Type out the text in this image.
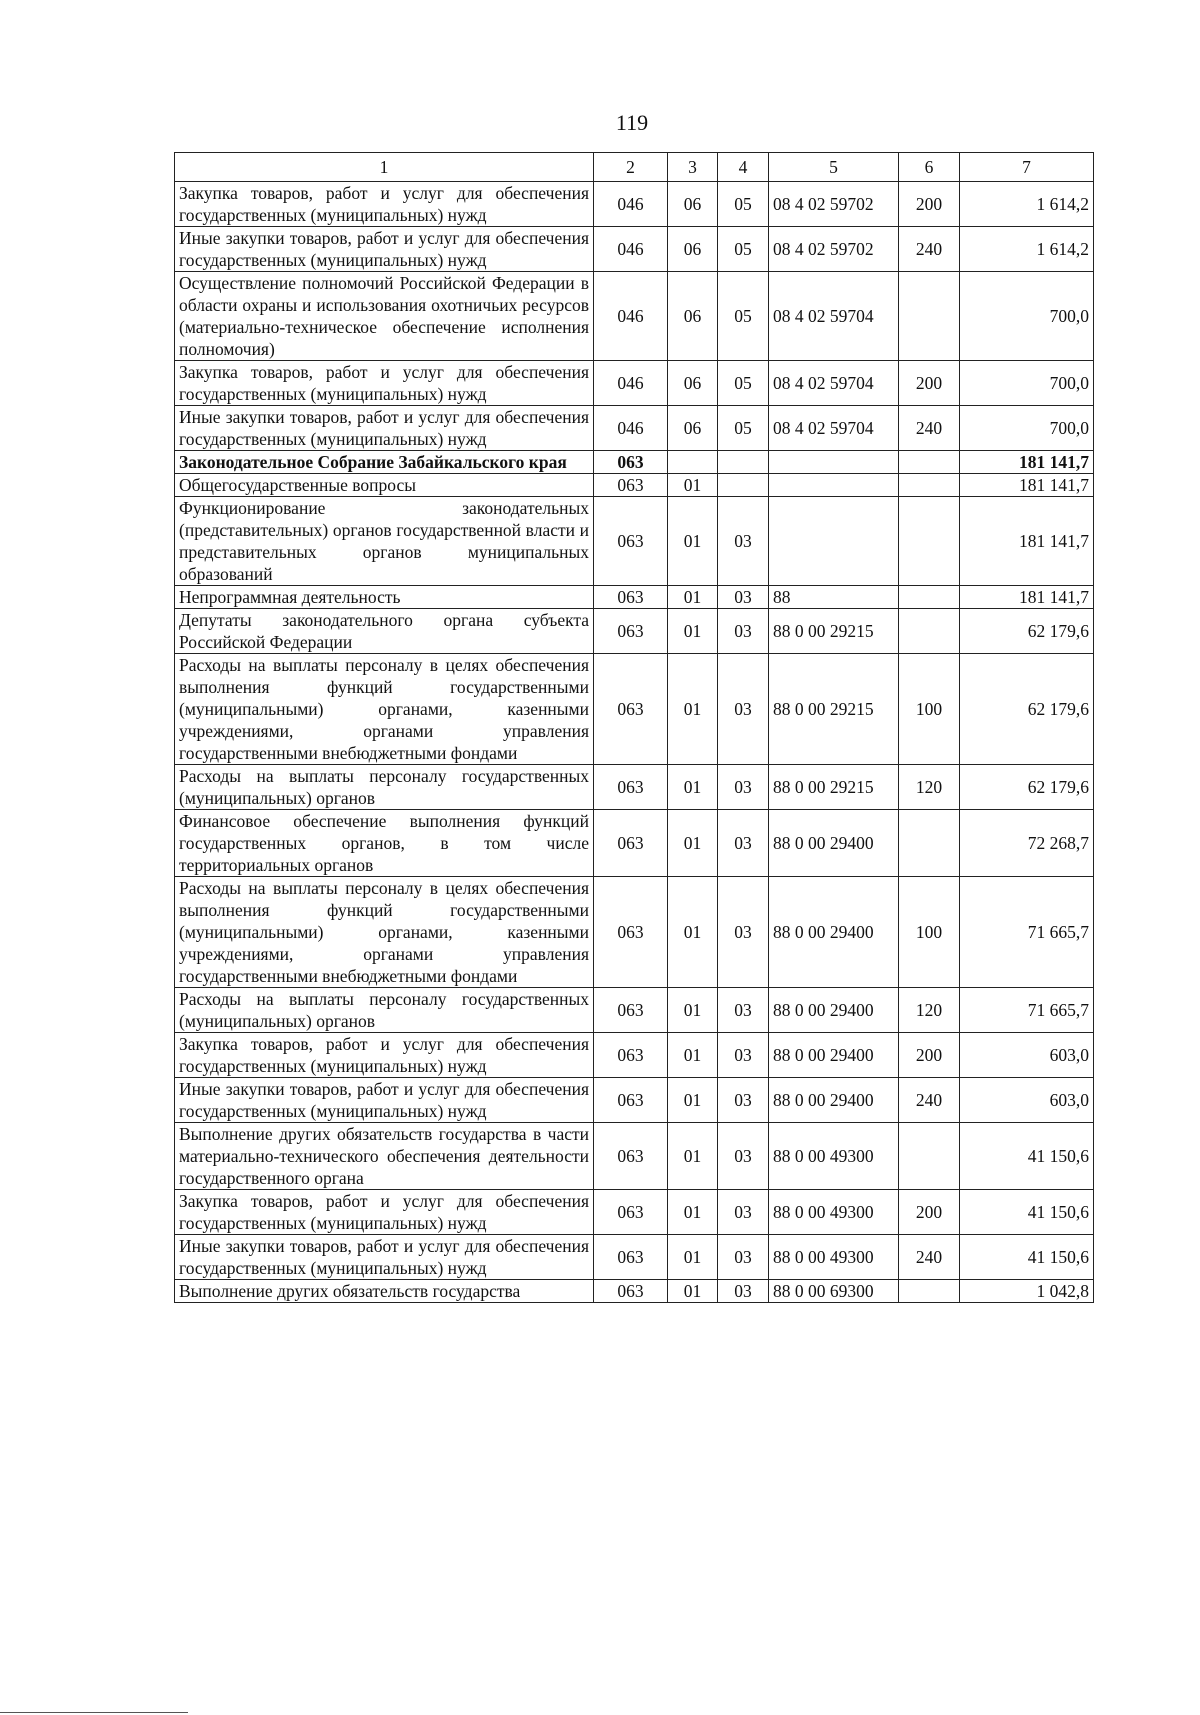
119
1	2	3	4	5	6	7
Закупка товаров, работ и услуг для обеспечения государственных (муниципальных) нужд	046	06	05	08 4 02 59702	200	1 614,2
Иные закупки товаров, работ и услуг для обеспечения государственных (муниципальных) нужд	046	06	05	08 4 02 59702	240	1 614,2
Осуществление полномочий Российской Федерации в области охраны и использования охотничьих ресурсов (материально-техническое обеспечение исполнения полномочия)	046	06	05	08 4 02 59704		700,0
Закупка товаров, работ и услуг для обеспечения государственных (муниципальных) нужд	046	06	05	08 4 02 59704	200	700,0
Иные закупки товаров, работ и услуг для обеспечения государственных (муниципальных) нужд	046	06	05	08 4 02 59704	240	700,0
Законодательное Собрание Забайкальского края	063					181 141,7
Общегосударственные вопросы	063	01				181 141,7
Функционирование законодательных (представительных) органов государственной власти и представительных органов муниципальных образований	063	01	03			181 141,7
Непрограммная деятельность	063	01	03	88		181 141,7
Депутаты законодательного органа субъекта Российской Федерации	063	01	03	88 0 00 29215		62 179,6
Расходы на выплаты персоналу в целях обеспечения выполнения функций государственными (муниципальными) органами, казенными учреждениями, органами управления государственными внебюджетными фондами	063	01	03	88 0 00 29215	100	62 179,6
Расходы на выплаты персоналу государственных (муниципальных) органов	063	01	03	88 0 00 29215	120	62 179,6
Финансовое обеспечение выполнения функций государственных органов, в том числе территориальных органов	063	01	03	88 0 00 29400		72 268,7
Расходы на выплаты персоналу в целях обеспечения выполнения функций государственными (муниципальными) органами, казенными учреждениями, органами управления государственными внебюджетными фондами	063	01	03	88 0 00 29400	100	71 665,7
Расходы на выплаты персоналу государственных (муниципальных) органов	063	01	03	88 0 00 29400	120	71 665,7
Закупка товаров, работ и услуг для обеспечения государственных (муниципальных) нужд	063	01	03	88 0 00 29400	200	603,0
Иные закупки товаров, работ и услуг для обеспечения государственных (муниципальных) нужд	063	01	03	88 0 00 29400	240	603,0
Выполнение других обязательств государства в части материально-технического обеспечения деятельности государственного органа	063	01	03	88 0 00 49300		41 150,6
Закупка товаров, работ и услуг для обеспечения государственных (муниципальных) нужд	063	01	03	88 0 00 49300	200	41 150,6
Иные закупки товаров, работ и услуг для обеспечения государственных (муниципальных) нужд	063	01	03	88 0 00 49300	240	41 150,6
Выполнение других обязательств государства	063	01	03	88 0 00 69300		1 042,8
